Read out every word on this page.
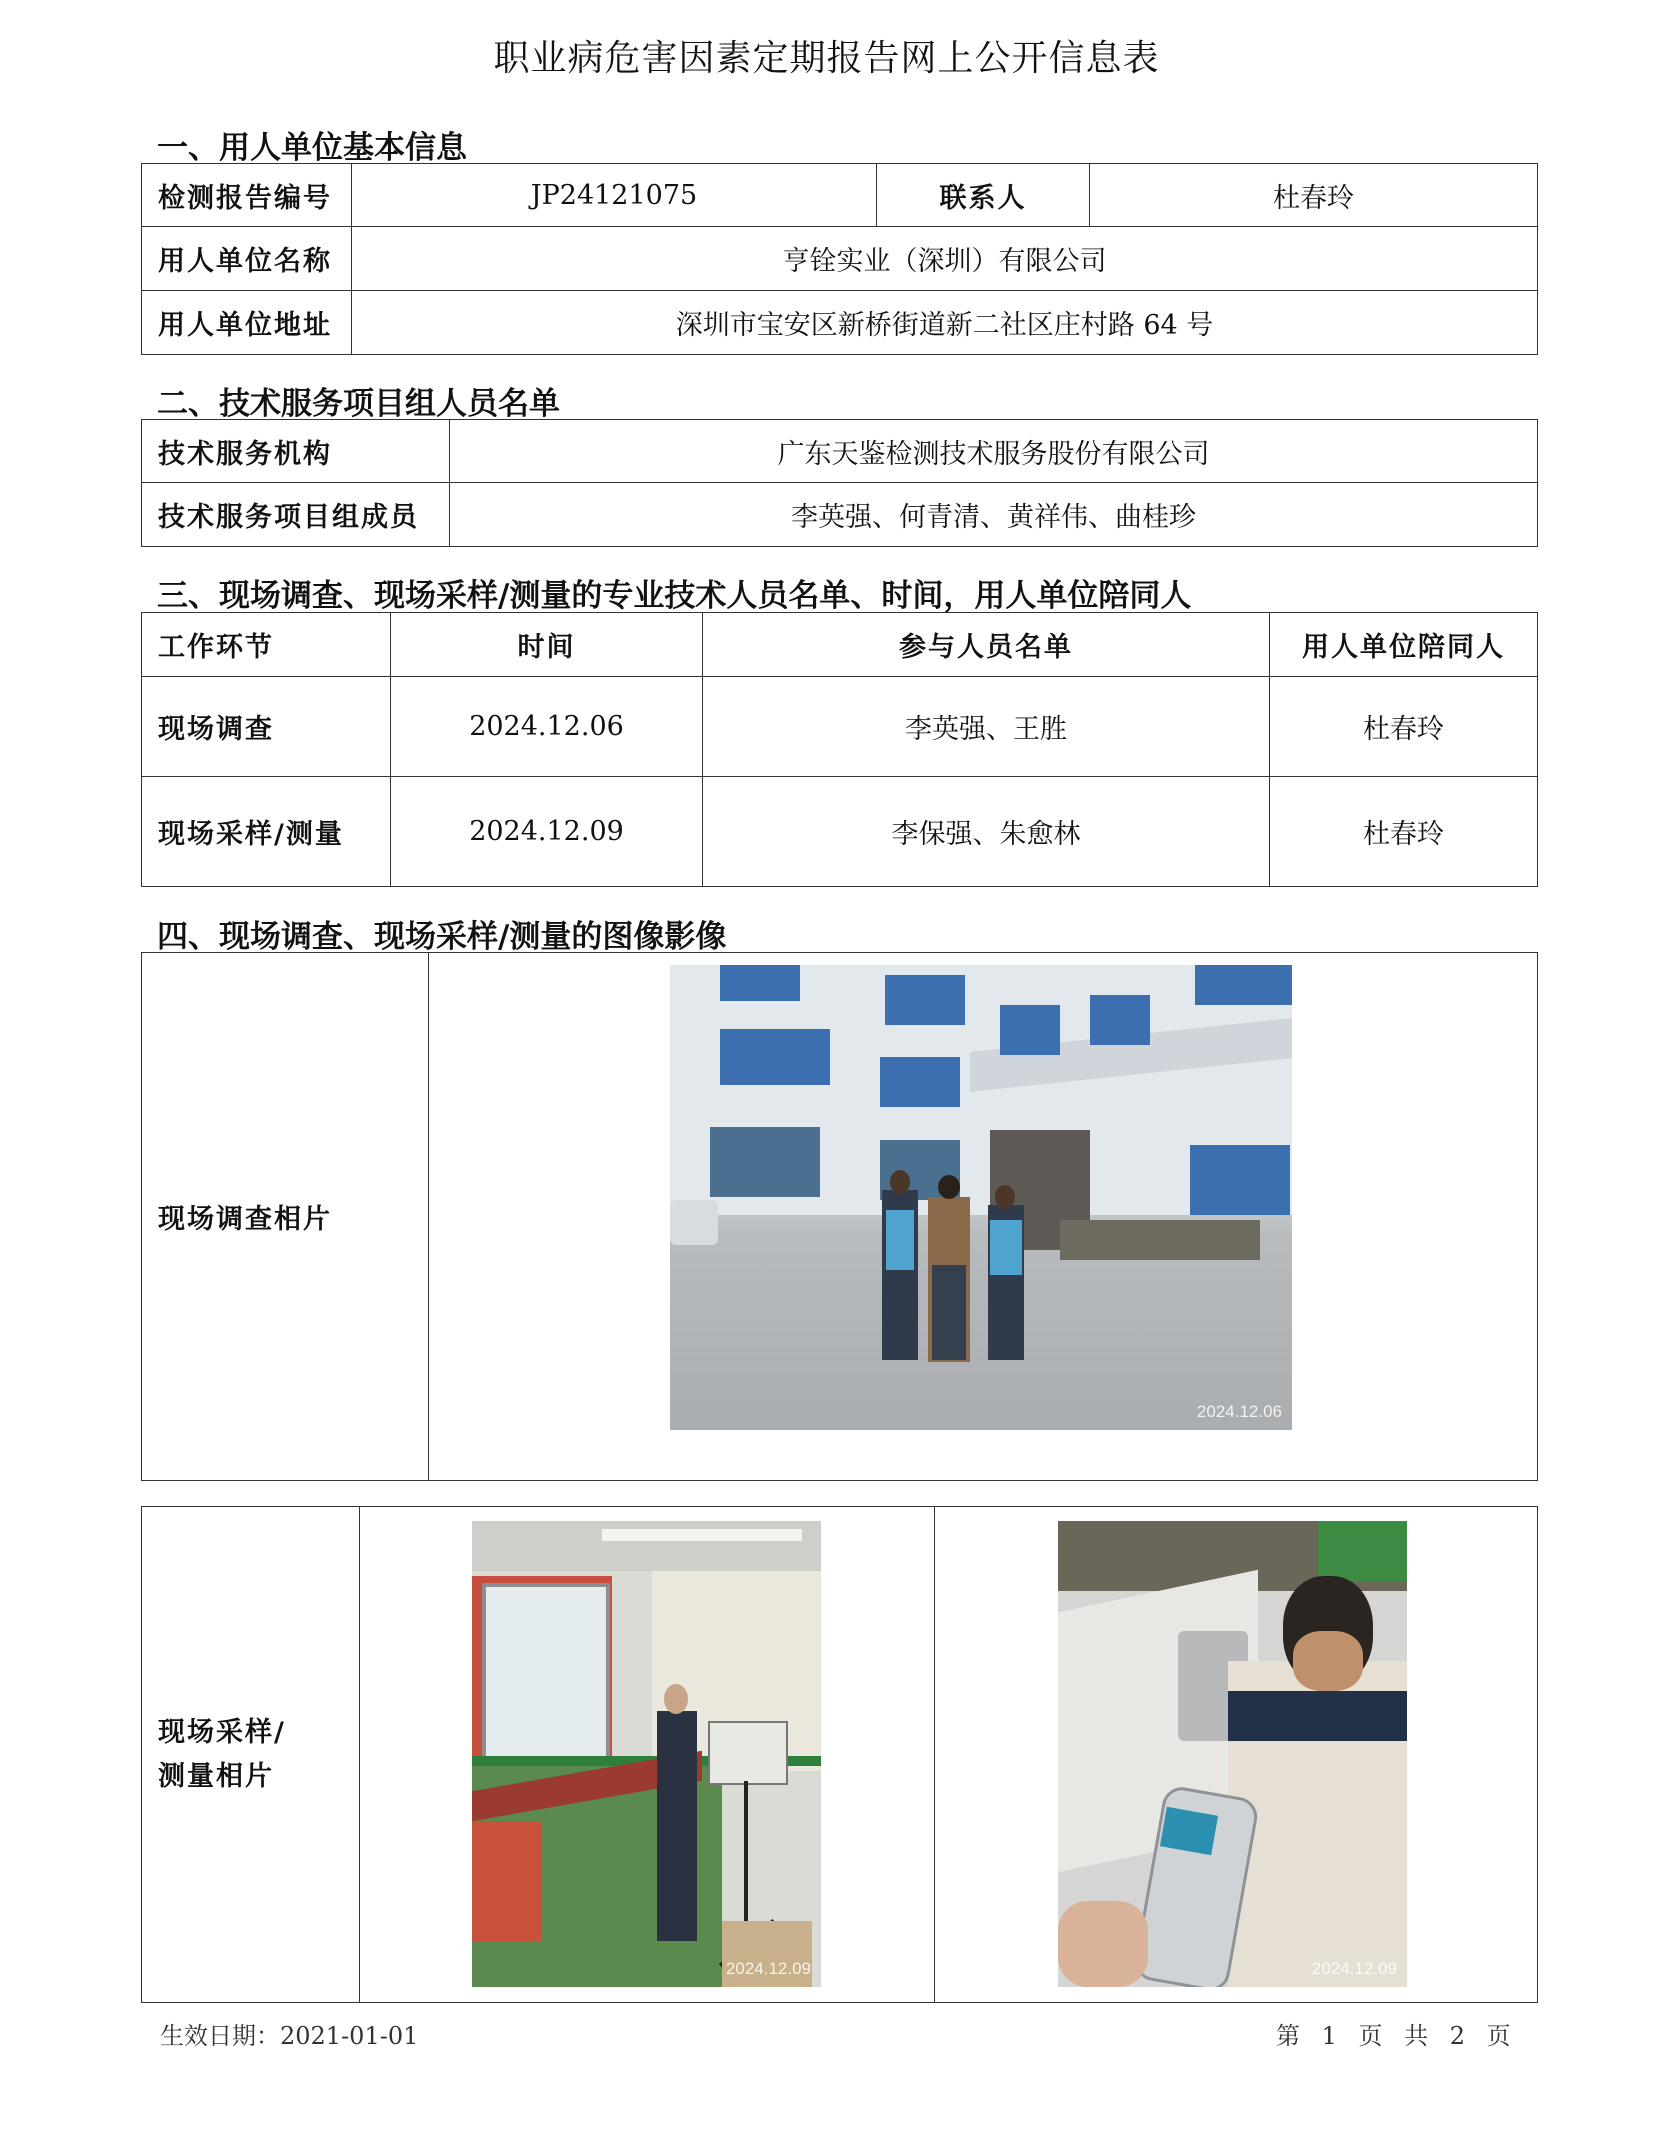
职业病危害因素定期报告网上公开信息表
一、用人单位基本信息
检测报告编号	JP24121075	联系人	杜春玲
用人单位名称	亨铨实业（深圳）有限公司		
用人单位地址	深圳市宝安区新桥街道新二社区庄村路 64 号		
二、技术服务项目组人员名单
技术服务机构	广东天鉴检测技术服务股份有限公司
技术服务项目组成员	李英强、何青清、黄祥伟、曲桂珍
三、现场调查、现场采样/测量的专业技术人员名单、时间，用人单位陪同人
工作环节	时间	参与人员名单	用人单位陪同人
现场调查	2024.12.06	李英强、王胜	杜春玲
现场采样/测量	2024.12.09	李保强、朱愈林	杜春玲
四、现场调查、现场采样/测量的图像影像
现场调查相片	
现场采样/
测量相片

2024.12.06
2024.12.09	2024.12.09
生效日期：2021-01-01	第 1 页 共 2 页
